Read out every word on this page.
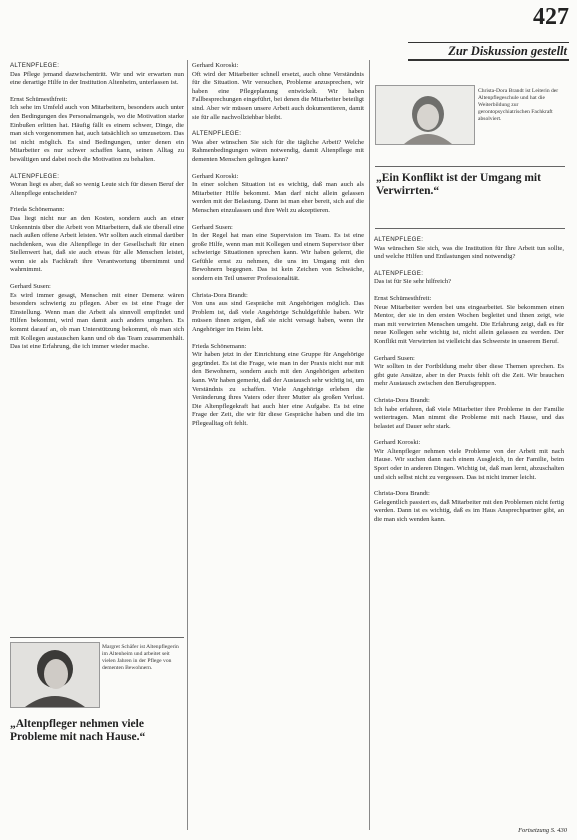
427
Zur Diskussion gestellt
Christa-Dora Brandt ist Leiterin der Altenpflegeschule und hat die Weiterbildung zur gerontopsychiatrischen Fachkraft absolviert.
„Ein Konflikt ist der Umgang mit Verwirrten.“
Margret Schäfer ist Altenpflegerin im Altenheim und arbeitet seit vielen Jahren in der Pflege von dementen Bewohnern.
„Altenpfleger nehmen viele Probleme mit nach Hause.“
ALTENPFLEGE:
Das Pflege jemand dazwischentritt. Wir und wir erwarten nun eine derartige Hilfe in der Institution Altenheim, unterlassen ist.
Ernst Schümesthfreit:
Ich sehe im Umfeld auch von Mitarbeitern, besonders auch unter den Bedingungen des Personalmangels, wo die Motivation starke Einbußen erlitten hat. Häufig fällt es einem schwer, Dinge, die man sich vorgenommen hat, auch tatsächlich so umzusetzen. Das ist nicht möglich. Es sind Bedingungen, unter denen ein Mitarbeiter es nur schwer schaffen kann, seinen Alltag zu bewältigen und dabei noch die Motivation zu behalten.
ALTENPFLEGE:
Woran liegt es aber, daß so wenig Leute sich für diesen Beruf der Altenpflege entscheiden?
Frieda Schönemann:
Das liegt nicht nur an den Kosten, sondern auch an einer Unkenntnis über die Arbeit von Mitarbeitern, daß sie überall eine nach außen offene Arbeit leisten. Wir sollten auch einmal darüber nachdenken, was die Altenpflege in der Gesellschaft für einen Stellenwert hat, daß sie auch etwas für alle Menschen leistet, wenn sie als Fachkraft ihre Verantwortung übernimmt und wahrnimmt.
Gerhard Susen:
Es wird immer gesagt, Menschen mit einer Demenz wären besonders schwierig zu pflegen. Aber es ist eine Frage der Einstellung. Wenn man die Arbeit als sinnvoll empfindet und Hilfen bekommt, wird man damit auch anders umgehen. Es kommt darauf an, ob man Unterstützung bekommt, ob man sich mit Kollegen austauschen kann und ob das Team zusammenhält. Das ist eine Erfahrung, die ich immer wieder mache.
Gerhard Koroski:
Oft wird der Mitarbeiter schnell ersetzt, auch ohne Verständnis für die Situation. Wir versuchen, Probleme anzusprechen, wir haben eine Pflegeplanung entwickelt. Wir haben Fallbesprechungen eingeführt, bei denen die Mitarbeiter beteiligt sind. Aber wir müssen unsere Arbeit auch dokumentieren, damit sie für alle nachvollziehbar bleibt.
ALTENPFLEGE:
Was aber wünschen Sie sich für die tägliche Arbeit? Welche Rahmenbedingungen wären notwendig, damit Altenpflege mit dementen Menschen gelingen kann?
Gerhard Koroski:
In einer solchen Situation ist es wichtig, daß man auch als Mitarbeiter Hilfe bekommt. Man darf nicht allein gelassen werden mit der Belastung. Dann ist man eher bereit, sich auf die Menschen einzulassen und ihre Welt zu akzeptieren.
Gerhard Susen:
In der Regel hat man eine Supervision im Team. Es ist eine große Hilfe, wenn man mit Kollegen und einem Supervisor über schwierige Situationen sprechen kann. Wir haben gelernt, die Gefühle ernst zu nehmen, die uns im Umgang mit den Bewohnern begegnen. Das ist kein Zeichen von Schwäche, sondern ein Teil unserer Professionalität.
Christa-Dora Brandt:
Von uns aus sind Gespräche mit Angehörigen möglich. Das Problem ist, daß viele Angehörige Schuldgefühle haben. Wir müssen ihnen zeigen, daß sie nicht versagt haben, wenn ihr Angehöriger im Heim lebt.
Frieda Schönemann:
Wir haben jetzt in der Einrichtung eine Gruppe für Angehörige gegründet. Es ist die Frage, wie man in der Praxis nicht nur mit den Bewohnern, sondern auch mit den Angehörigen arbeiten kann. Wir haben gemerkt, daß der Austausch sehr wichtig ist, um Verständnis zu schaffen. Viele Angehörige erleben die Veränderung ihres Vaters oder ihrer Mutter als großen Verlust. Die Altenpflegekraft hat auch hier eine Aufgabe. Es ist eine Frage der Zeit, die wir für diese Gespräche haben und die im Pflegealltag oft fehlt.
ALTENPFLEGE:
Was wünschen Sie sich, was die Institution für Ihre Arbeit tun sollte, und welche Hilfen und Entlastungen sind notwendig?
ALTENPFLEGE:
Das ist für Sie sehr hilfreich?
Ernst Schümesthfreit:
Neue Mitarbeiter werden bei uns eingearbeitet. Sie bekommen einen Mentor, der sie in den ersten Wochen begleitet und ihnen zeigt, wie man mit verwirrten Menschen umgeht. Die Erfahrung zeigt, daß es für neue Kollegen sehr wichtig ist, nicht allein gelassen zu werden. Der Konflikt mit Verwirrten ist vielleicht das Schwerste in unserem Beruf.
Gerhard Susen:
Wir sollten in der Fortbildung mehr über diese Themen sprechen. Es gibt gute Ansätze, aber in der Praxis fehlt oft die Zeit. Wir brauchen mehr Austausch zwischen den Berufsgruppen.
Christa-Dora Brandt:
Ich habe erfahren, daß viele Mitarbeiter ihre Probleme in der Familie weitertragen. Man nimmt die Probleme mit nach Hause, und das belastet auf Dauer sehr stark.
Gerhard Koroski:
Wir Altenpfleger nehmen viele Probleme von der Arbeit mit nach Hause. Wir suchen dann nach einem Ausgleich, in der Familie, beim Sport oder in anderen Dingen. Wichtig ist, daß man lernt, abzuschalten und sich selbst nicht zu vergessen. Das ist nicht immer leicht.
Christa-Dora Brandt:
Gelegentlich passiert es, daß Mitarbeiter mit den Problemen nicht fertig werden. Dann ist es wichtig, daß es im Haus Ansprechpartner gibt, an die man sich wenden kann.
Fortsetzung S. 430
